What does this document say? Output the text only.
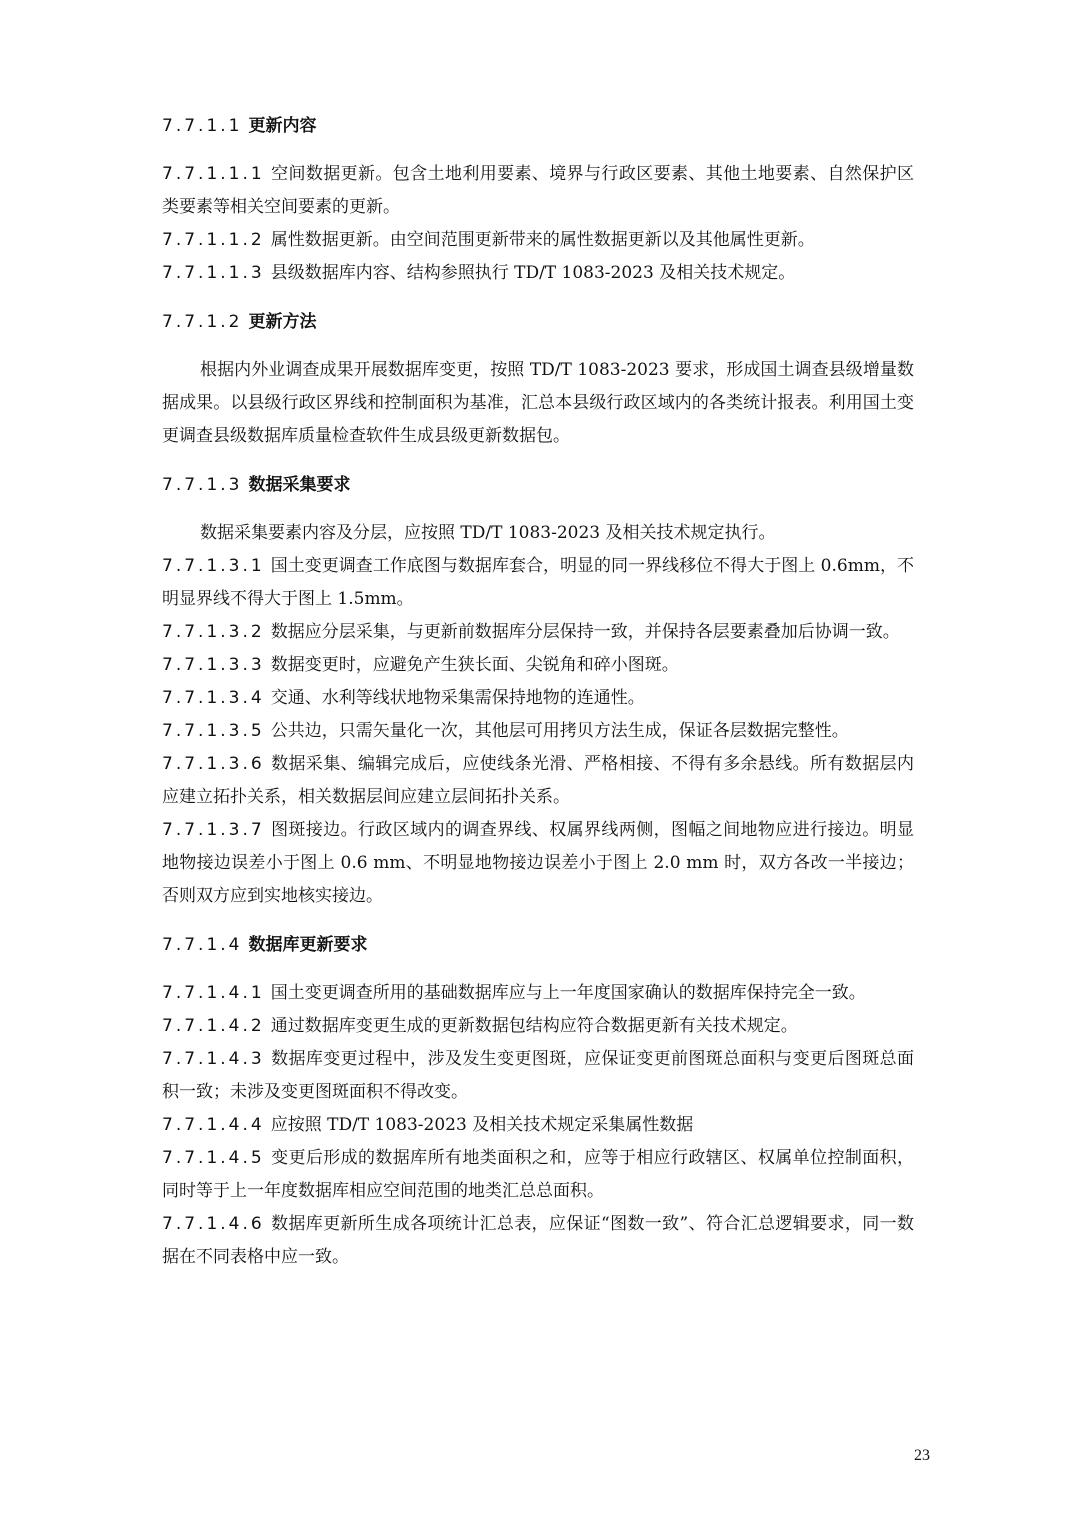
7.7.1.1 更新内容

7.7.1.1.1 空间数据更新。包含土地利用要素、境界与行政区要素、其他土地要素、自然保护区类要素等相关空间要素的更新。

7.7.1.1.2 属性数据更新。由空间范围更新带来的属性数据更新以及其他属性更新。

7.7.1.1.3 县级数据库内容、结构参照执行 TD/T 1083-2023 及相关技术规定。

7.7.1.2 更新方法

根据内外业调查成果开展数据库变更，按照 TD/T 1083-2023 要求，形成国土调查县级增量数据成果。以县级行政区界线和控制面积为基准，汇总本县级行政区域内的各类统计报表。利用国土变更调查县级数据库质量检查软件生成县级更新数据包。

7.7.1.3 数据采集要求

数据采集要素内容及分层，应按照 TD/T 1083-2023 及相关技术规定执行。

7.7.1.3.1 国土变更调查工作底图与数据库套合，明显的同一界线移位不得大于图上 0.6mm，不明显界线不得大于图上 1.5mm。

7.7.1.3.2 数据应分层采集，与更新前数据库分层保持一致，并保持各层要素叠加后协调一致。

7.7.1.3.3 数据变更时，应避免产生狭长面、尖锐角和碎小图斑。

7.7.1.3.4 交通、水利等线状地物采集需保持地物的连通性。

7.7.1.3.5 公共边，只需矢量化一次，其他层可用拷贝方法生成，保证各层数据完整性。

7.7.1.3.6 数据采集、编辑完成后，应使线条光滑、严格相接、不得有多余悬线。所有数据层内应建立拓扑关系，相关数据层间应建立层间拓扑关系。

7.7.1.3.7 图斑接边。行政区域内的调查界线、权属界线两侧，图幅之间地物应进行接边。明显地物接边误差小于图上 0.6 mm、不明显地物接边误差小于图上 2.0 mm 时，双方各改一半接边；否则双方应到实地核实接边。

7.7.1.4 数据库更新要求

7.7.1.4.1 国土变更调查所用的基础数据库应与上一年度国家确认的数据库保持完全一致。

7.7.1.4.2 通过数据库变更生成的更新数据包结构应符合数据更新有关技术规定。

7.7.1.4.3 数据库变更过程中，涉及发生变更图斑，应保证变更前图斑总面积与变更后图斑总面积一致；未涉及变更图斑面积不得改变。

7.7.1.4.4 应按照 TD/T 1083-2023 及相关技术规定采集属性数据

7.7.1.4.5 变更后形成的数据库所有地类面积之和，应等于相应行政辖区、权属单位控制面积，同时等于上一年度数据库相应空间范围的地类汇总总面积。

7.7.1.4.6 数据库更新所生成各项统计汇总表，应保证“图数一致”、符合汇总逻辑要求，同一数据在不同表格中应一致。

23
